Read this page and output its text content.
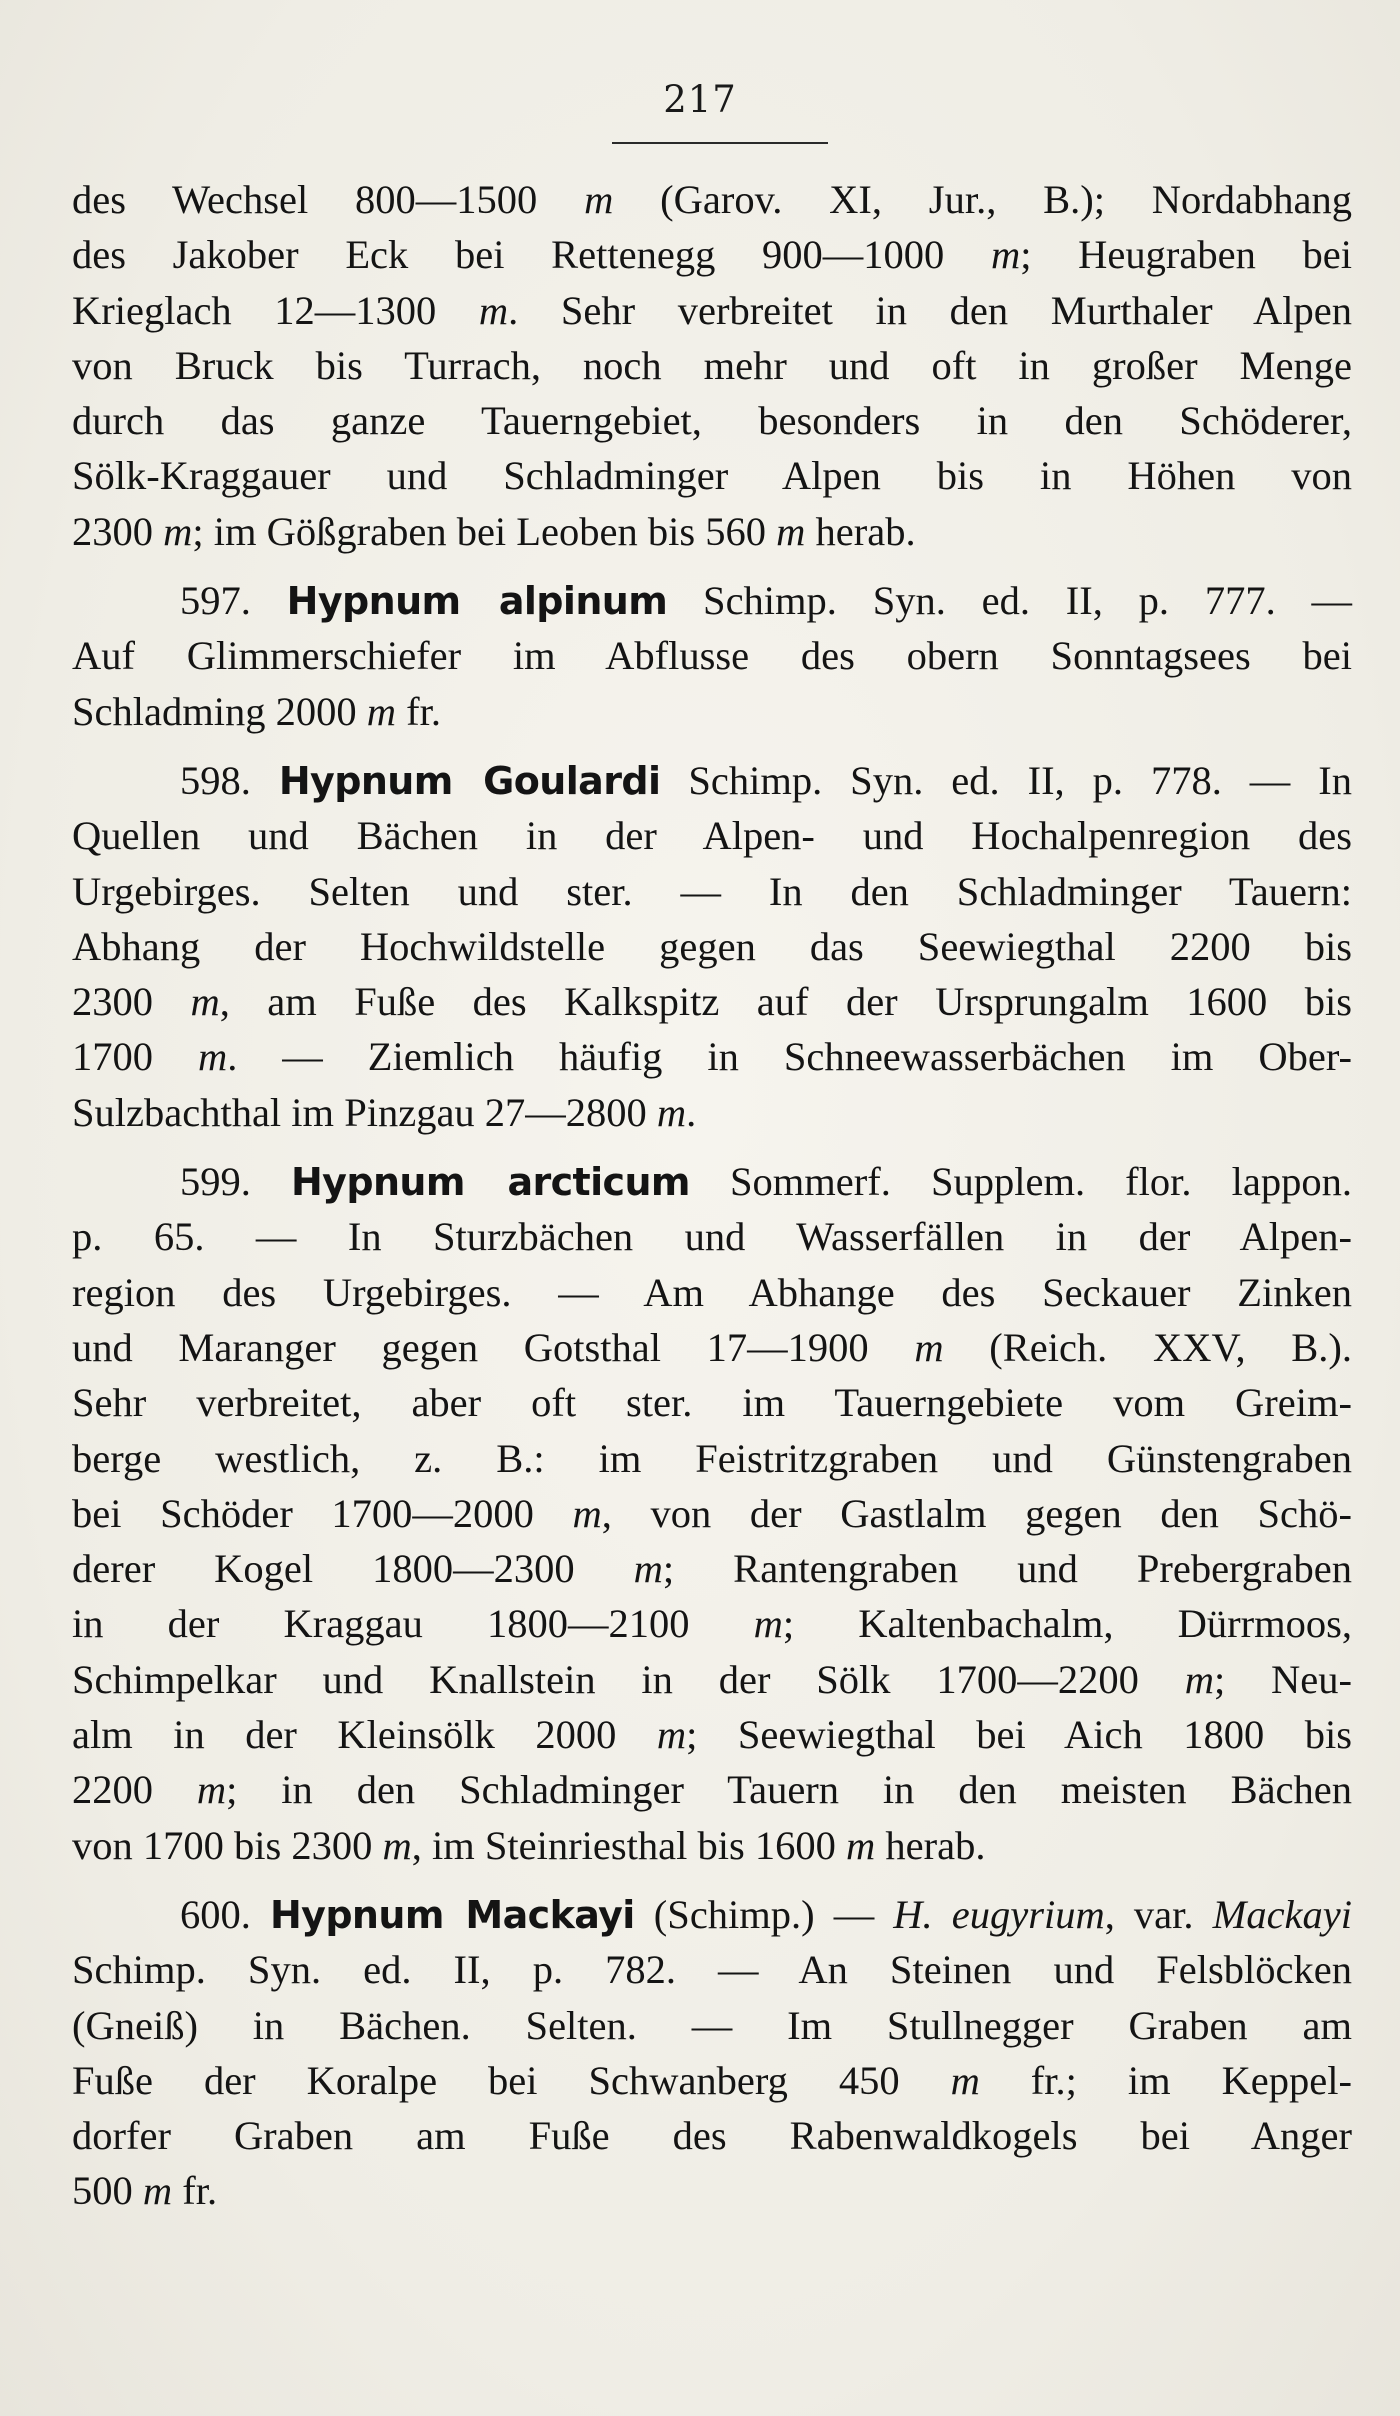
217
des Wechsel 800—1500 m (Garov. XI, Jur., B.); Nordabhang
des Jakober Eck bei Rettenegg 900—1000 m; Heugraben bei
Krieglach 12—1300 m. Sehr verbreitet in den Murthaler Alpen
von Bruck bis Turrach, noch mehr und oft in großer Menge
durch das ganze Tauerngebiet, besonders in den Schöderer,
Sölk-Kraggauer und Schladminger Alpen bis in Höhen von
2300 m; im Gößgraben bei Leoben bis 560 m herab.
597. Hypnum alpinum Schimp. Syn. ed. II, p. 777. —
Auf Glimmerschiefer im Abflusse des obern Sonntagsees bei
Schladming 2000 m fr.
598. Hypnum Goulardi Schimp. Syn. ed. II, p. 778. — In
Quellen und Bächen in der Alpen- und Hochalpenregion des
Urgebirges. Selten und ster. — In den Schladminger Tauern:
Abhang der Hochwildstelle gegen das Seewiegthal 2200 bis
2300 m, am Fuße des Kalkspitz auf der Ursprungalm 1600 bis
1700 m. — Ziemlich häufig in Schneewasserbächen im Ober-
Sulzbachthal im Pinzgau 27—2800 m.
599. Hypnum arcticum Sommerf. Supplem. flor. lappon.
p. 65. — In Sturzbächen und Wasserfällen in der Alpen-
region des Urgebirges. — Am Abhange des Seckauer Zinken
und Maranger gegen Gotsthal 17—1900 m (Reich. XXV, B.).
Sehr verbreitet, aber oft ster. im Tauerngebiete vom Greim-
berge westlich, z. B.: im Feistritzgraben und Günstengraben
bei Schöder 1700—2000 m, von der Gastlalm gegen den Schö-
derer Kogel 1800—2300 m; Rantengraben und Prebergraben
in der Kraggau 1800—2100 m; Kaltenbachalm, Dürrmoos,
Schimpelkar und Knallstein in der Sölk 1700—2200 m; Neu-
alm in der Kleinsölk 2000 m; Seewiegthal bei Aich 1800 bis
2200 m; in den Schladminger Tauern in den meisten Bächen
von 1700 bis 2300 m, im Steinriesthal bis 1600 m herab.
600. Hypnum Mackayi (Schimp.) — H. eugyrium, var. Mackayi
Schimp. Syn. ed. II, p. 782. — An Steinen und Felsblöcken
(Gneiß) in Bächen. Selten. — Im Stullnegger Graben am
Fuße der Koralpe bei Schwanberg 450 m fr.; im Keppel-
dorfer Graben am Fuße des Rabenwaldkogels bei Anger
500 m fr.
